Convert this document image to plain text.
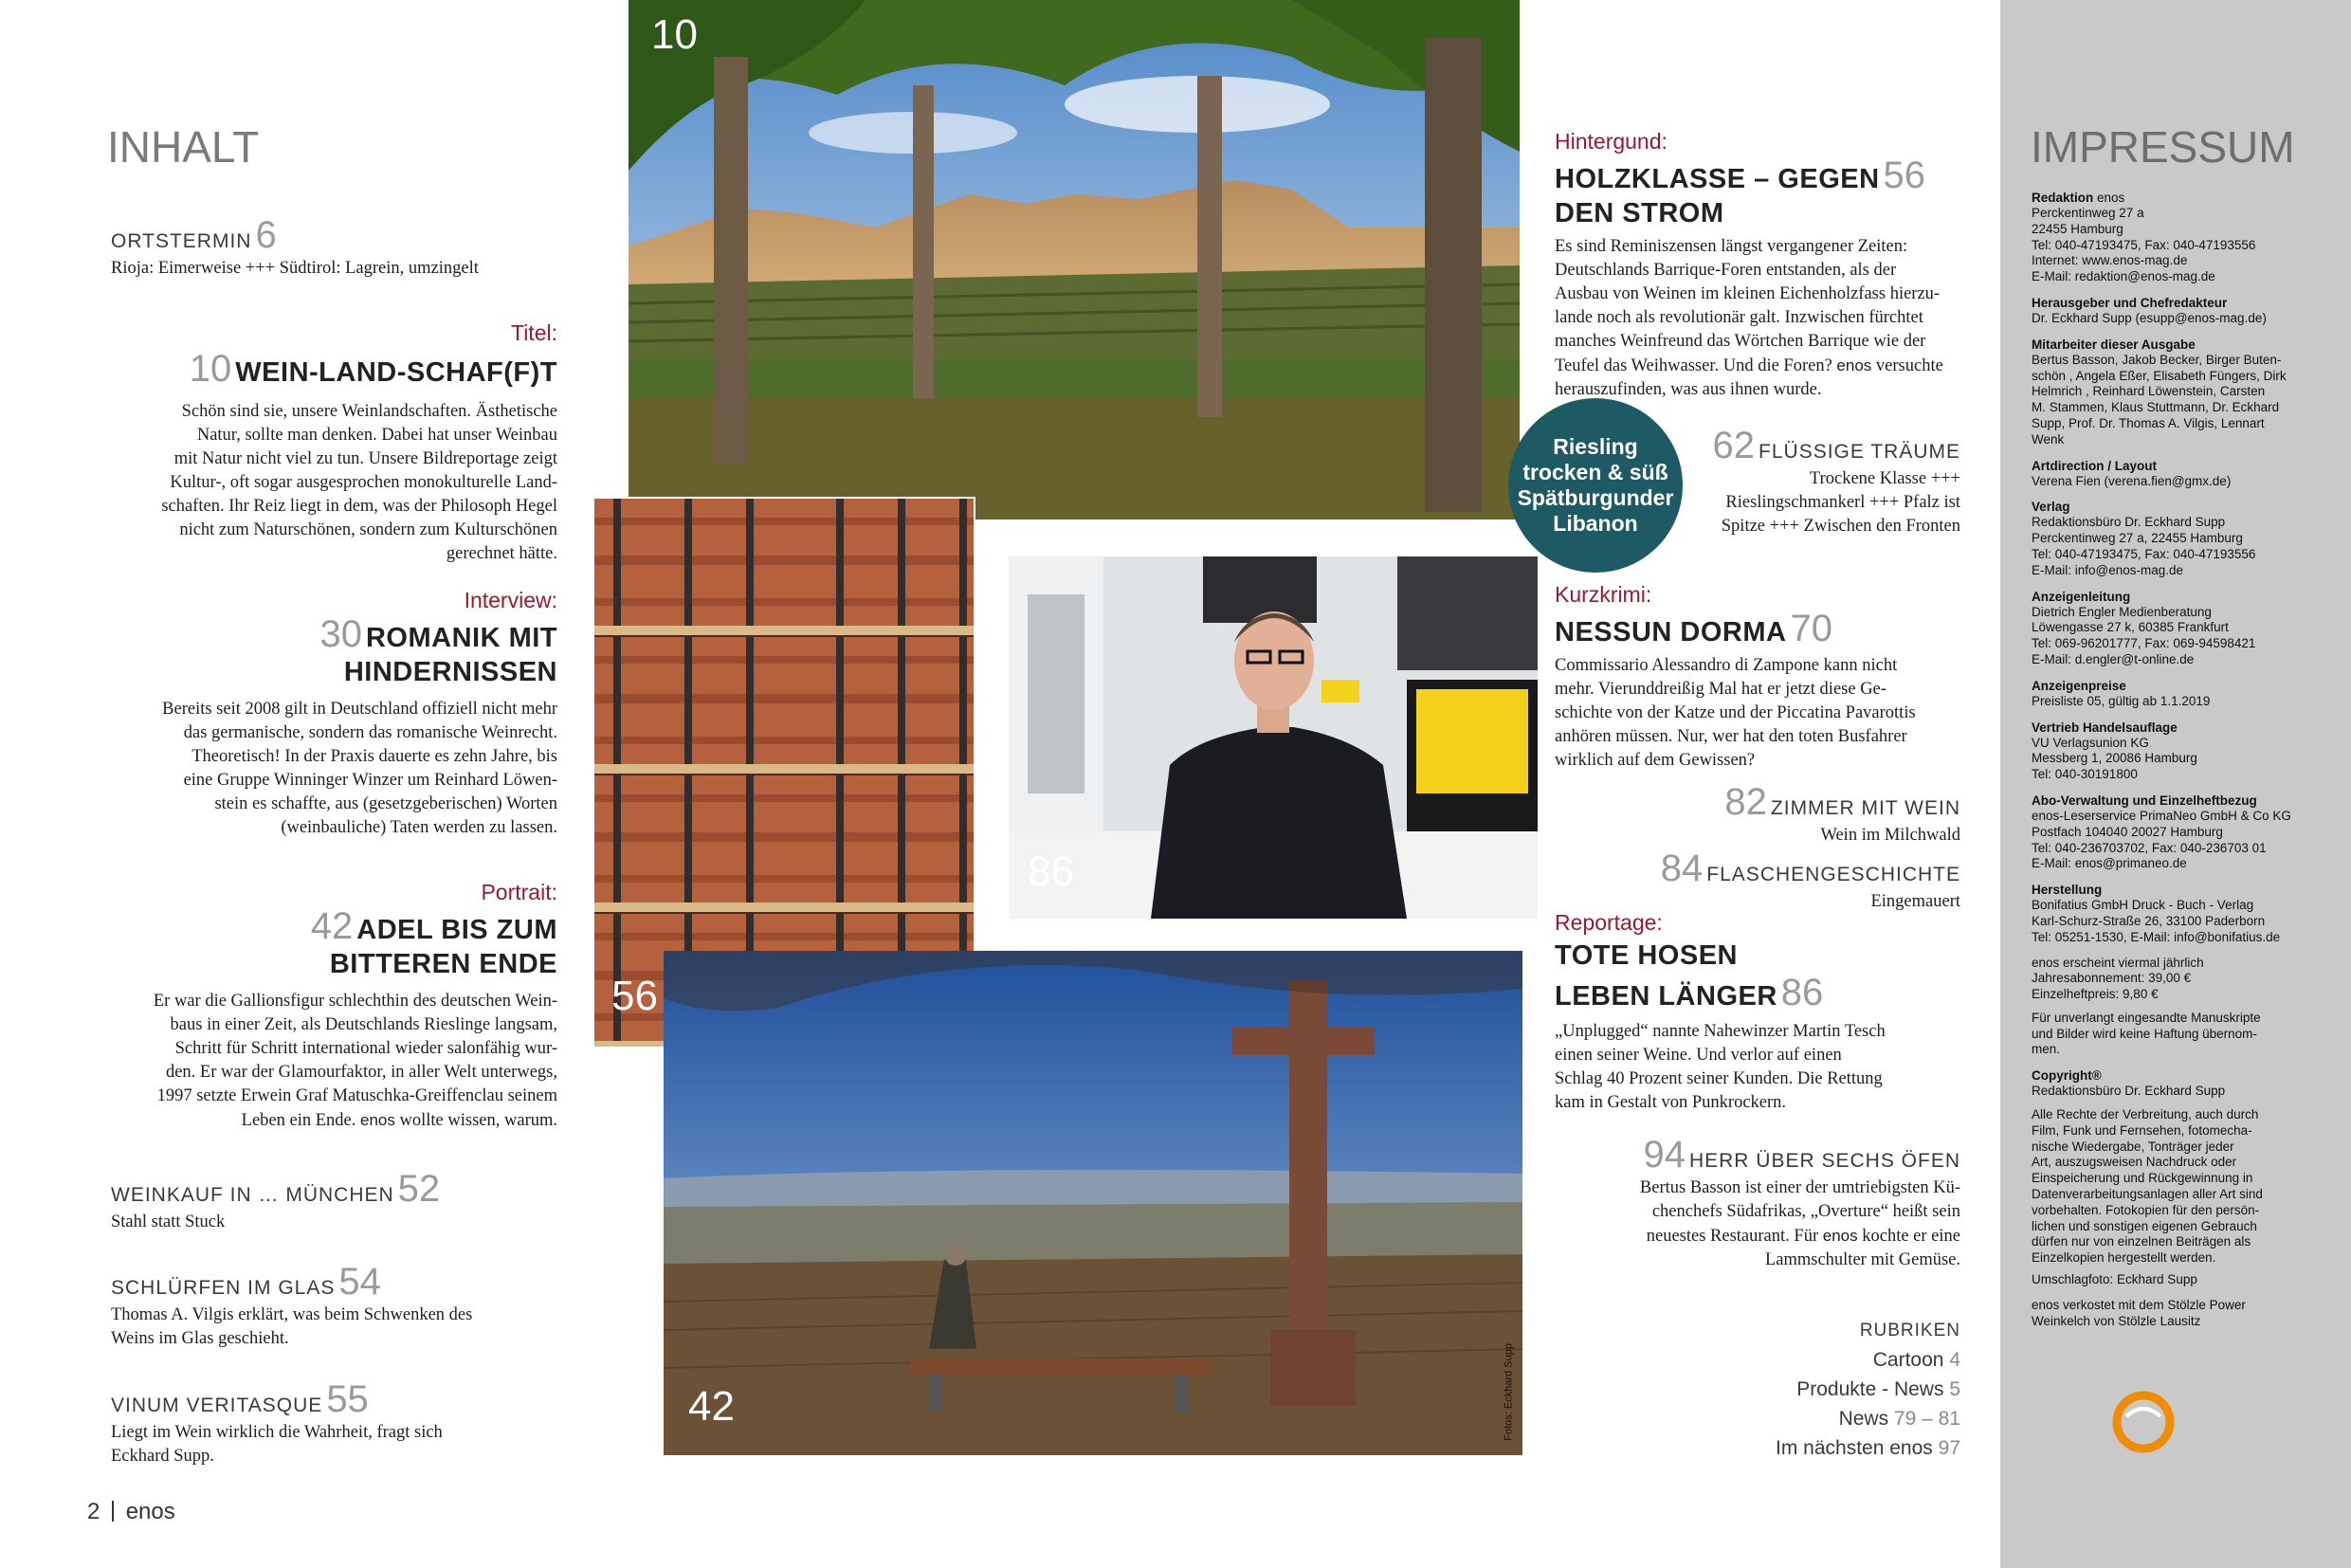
INHALT
ORTSTERMIN 6
Rioja: Eimerweise +++ Südtirol: Lagrein, umzingelt
Titel:
10 WEIN-LAND-SCHAF(F)T
Schön sind sie, unsere Weinlandschaften. Ästhetische
Natur, sollte man denken. Dabei hat unser Weinbau
mit Natur nicht viel zu tun. Unsere Bildreportage zeigt
Kultur-, oft sogar ausgesprochen monokulturelle Land-
schaften. Ihr Reiz liegt in dem, was der Philosoph Hegel
nicht zum Naturschönen, sondern zum Kulturschönen
gerechnet hätte.
Interview:
30 ROMANIK MIT
HINDERNISSEN
Bereits seit 2008 gilt in Deutschland offiziell nicht mehr
das germanische, sondern das romanische Weinrecht.
Theoretisch! In der Praxis dauerte es zehn Jahre, bis
eine Gruppe Winninger Winzer um Reinhard Löwen-
stein es schaffte, aus (gesetzgeberischen) Worten
(weinbauliche) Taten werden zu lassen.
Portrait:
42 ADEL BIS ZUM
BITTEREN ENDE
Er war die Gallionsfigur schlechthin des deutschen Wein-
baus in einer Zeit, als Deutschlands Rieslinge langsam,
Schritt für Schritt international wieder salonfähig wur-
den. Er war der Glamourfaktor, in aller Welt unterwegs,
1997 setzte Erwein Graf Matuschka-Greiffenclau seinem
Leben ein Ende. enos wollte wissen, warum.
WEINKAUF IN … MÜNCHEN 52
Stahl statt Stuck
SCHLÜRFEN IM GLAS 54
Thomas A. Vilgis erklärt, was beim Schwenken des
Weins im Glas geschieht.
VINUM VERITASQUE 55
Liegt im Wein wirklich die Wahrheit, fragt sich
Eckhard Supp.
2 enos
10
56
86
42	Fotos: Eckhard Supp
Riesling
trocken & süß
Spätburgunder
Libanon
Hintergund:
HOLZKLASSE – GEGEN 56
DEN STROM
Es sind Reminiszensen längst vergangener Zeiten:
Deutschlands Barrique-Foren entstanden, als der
Ausbau von Weinen im kleinen Eichenholzfass hierzu-
lande noch als revolutionär galt. Inzwischen fürchtet
manches Weinfreund das Wörtchen Barrique wie der
Teufel das Weihwasser. Und die Foren? enos versuchte
herauszufinden, was aus ihnen wurde.
62 FLÜSSIGE TRÄUME
Trockene Klasse +++
Rieslingschmankerl +++ Pfalz ist
Spitze +++ Zwischen den Fronten
Kurzkrimi:
NESSUN DORMA 70
Commissario Alessandro di Zampone kann nicht
mehr. Vierunddreißig Mal hat er jetzt diese Ge-
schichte von der Katze und der Piccatina Pavarottis
anhören müssen. Nur, wer hat den toten Busfahrer
wirklich auf dem Gewissen?
82 ZIMMER MIT WEIN
Wein im Milchwald
84 FLASCHENGESCHICHTE
Eingemauert
Reportage:
TOTE HOSEN
LEBEN LÄNGER 86
„Unplugged“ nannte Nahewinzer Martin Tesch
einen seiner Weine. Und verlor auf einen
Schlag 40 Prozent seiner Kunden. Die Rettung
kam in Gestalt von Punkrockern.
94 HERR ÜBER SECHS ÖFEN
Bertus Basson ist einer der umtriebigsten Kü-
chenchefs Südafrikas, „Overture“ heißt sein
neuestes Restaurant. Für enos kochte er eine
Lammschulter mit Gemüse.
RUBRIKEN
Cartoon 4
Produkte - News 5
News 79 – 81
Im nächsten enos 97
IMPRESSUM
Redaktion enos
Perckentinweg 27 a
22455 Hamburg
Tel: 040-47193475, Fax: 040-47193556
Internet: www.enos-mag.de
E-Mail: redaktion@enos-mag.de
Herausgeber und Chefredakteur
Dr. Eckhard Supp (esupp@enos-mag.de)
Mitarbeiter dieser Ausgabe
Bertus Basson, Jakob Becker, Birger Buten-
schön , Angela Eßer, Elisabeth Füngers, Dirk
Helmrich , Reinhard Löwenstein, Carsten
M. Stammen, Klaus Stuttmann, Dr. Eckhard
Supp, Prof. Dr. Thomas A. Vilgis, Lennart
Wenk
Artdirection / Layout
Verena Fien (verena.fien@gmx.de)
Verlag
Redaktionsbüro Dr. Eckhard Supp
Perckentinweg 27 a, 22455 Hamburg
Tel: 040-47193475, Fax: 040-47193556
E-Mail: info@enos-mag.de
Anzeigenleitung
Dietrich Engler Medienberatung
Löwengasse 27 k, 60385 Frankfurt
Tel: 069-96201777, Fax: 069-94598421
E-Mail: d.engler@t-online.de
Anzeigenpreise
Preisliste 05, gültig ab 1.1.2019
Vertrieb Handelsauflage
VU Verlagsunion KG
Messberg 1, 20086 Hamburg
Tel: 040-30191800
Abo-Verwaltung und Einzelheftbezug
enos-Leserservice PrimaNeo GmbH & Co KG
Postfach 104040 20027 Hamburg
Tel: 040-236703702, Fax: 040-236703 01
E-Mail: enos@primaneo.de
Herstellung
Bonifatius GmbH Druck - Buch - Verlag
Karl-Schurz-Straße 26, 33100 Paderborn
Tel: 05251-1530, E-Mail: info@bonifatius.de
enos erscheint viermal jährlich
Jahresabonnement: 39,00 €
Einzelheftpreis: 9,80 €
Für unverlangt eingesandte Manuskripte
und Bilder wird keine Haftung übernom-
men.
Copyright®
Redaktionsbüro Dr. Eckhard Supp
Alle Rechte der Verbreitung, auch durch
Film, Funk und Fernsehen, fotomecha-
nische Wiedergabe, Tonträger jeder
Art, auszugsweisen Nachdruck oder
Einspeicherung und Rückgewinnung in
Datenverarbeitungsanlagen aller Art sind
vorbehalten. Fotokopien für den persön-
lichen und sonstigen eigenen Gebrauch
dürfen nur von einzelnen Beiträgen als
Einzelkopien hergestellt werden.
Umschlagfoto: Eckhard Supp
enos verkostet mit dem Stölzle Power
Weinkelch von Stölzle Lausitz
